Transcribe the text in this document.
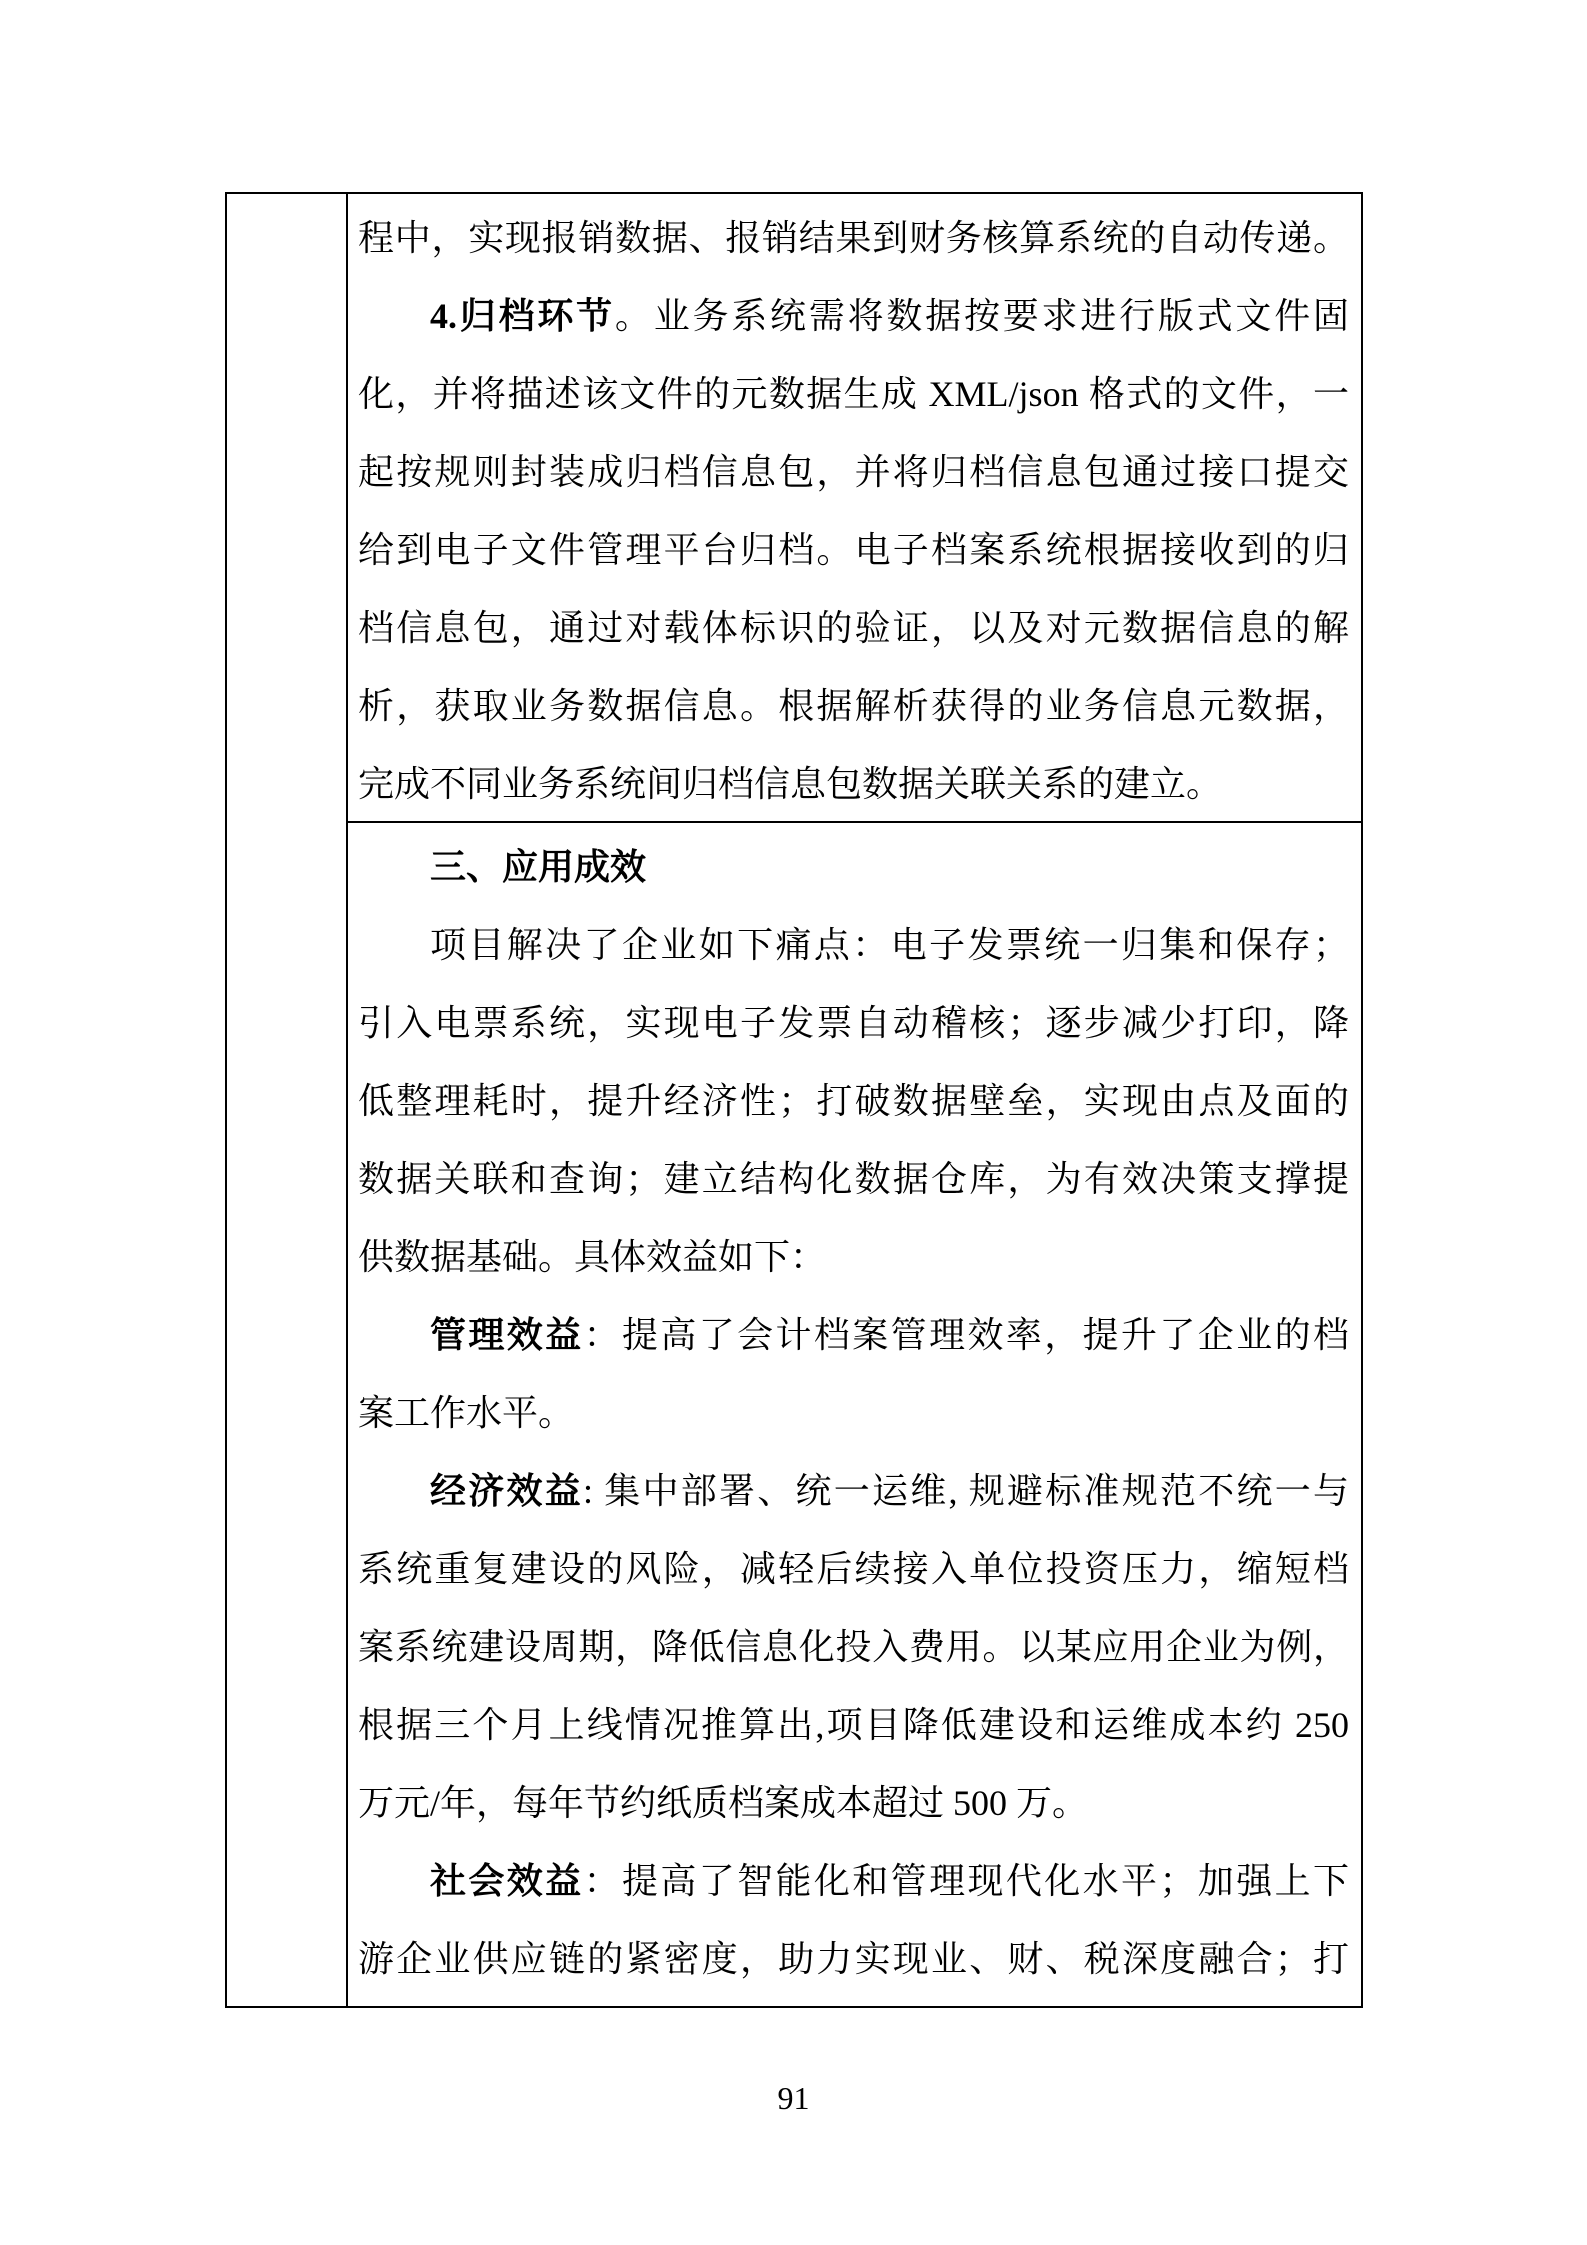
程中，实现报销数据、报销结果到财务核算系统的自动传递。
4.归档环节。业务系统需将数据按要求进行版式文件固
化，并将描述该文件的元数据生成 XML/json 格式的文件，一
起按规则封装成归档信息包，并将归档信息包通过接口提交
给到电子文件管理平台归档。电子档案系统根据接收到的归
档信息包，通过对载体标识的验证，以及对元数据信息的解
析，获取业务数据信息。根据解析获得的业务信息元数据，
完成不同业务系统间归档信息包数据关联关系的建立。
三、应用成效
项目解决了企业如下痛点：电子发票统一归集和保存；
引入电票系统，实现电子发票自动稽核；逐步减少打印，降
低整理耗时，提升经济性；打破数据壁垒，实现由点及面的
数据关联和查询；建立结构化数据仓库，为有效决策支撑提
供数据基础。具体效益如下：
管理效益：提高了会计档案管理效率，提升了企业的档
案工作水平。
经济效益: 集中部署、统一运维, 规避标准规范不统一与
系统重复建设的风险，减轻后续接入单位投资压力，缩短档
案系统建设周期，降低信息化投入费用。以某应用企业为例，
根据三个月上线情况推算出,项目降低建设和运维成本约 250
万元/年，每年节约纸质档案成本超过 500 万。
社会效益：提高了智能化和管理现代化水平；加强上下
游企业供应链的紧密度，助力实现业、财、税深度融合；打
91
